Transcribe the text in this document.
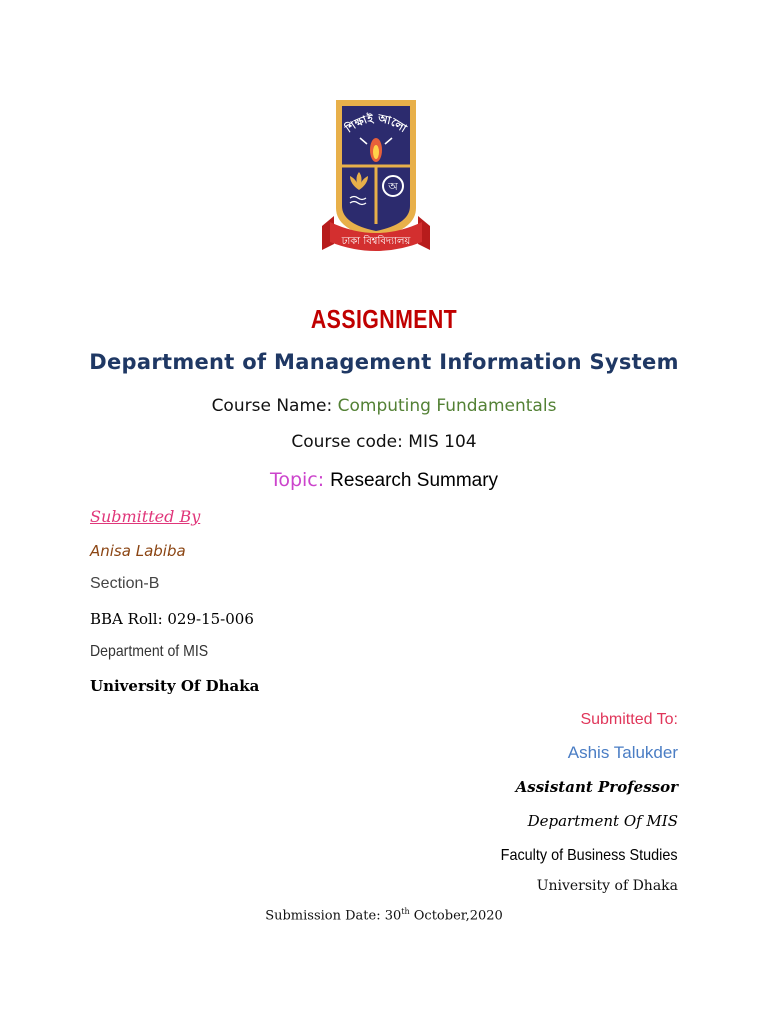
শিক্ষাই আলো
অ
ঢাকা বিশ্ববিদ্যালয়
ASSIGNMENT
Department of Management Information System
Course Name: Computing Fundamentals
Course code: MIS 104
Topic: Research Summary
Submitted By
Anisa Labiba
Section-B
BBA Roll: 029-15-006
Department of MIS
University Of Dhaka
Submitted To:
Ashis Talukder
Assistant Professor
Department Of MIS
Faculty of Business Studies
University of Dhaka
Submission Date: 30th October,2020
